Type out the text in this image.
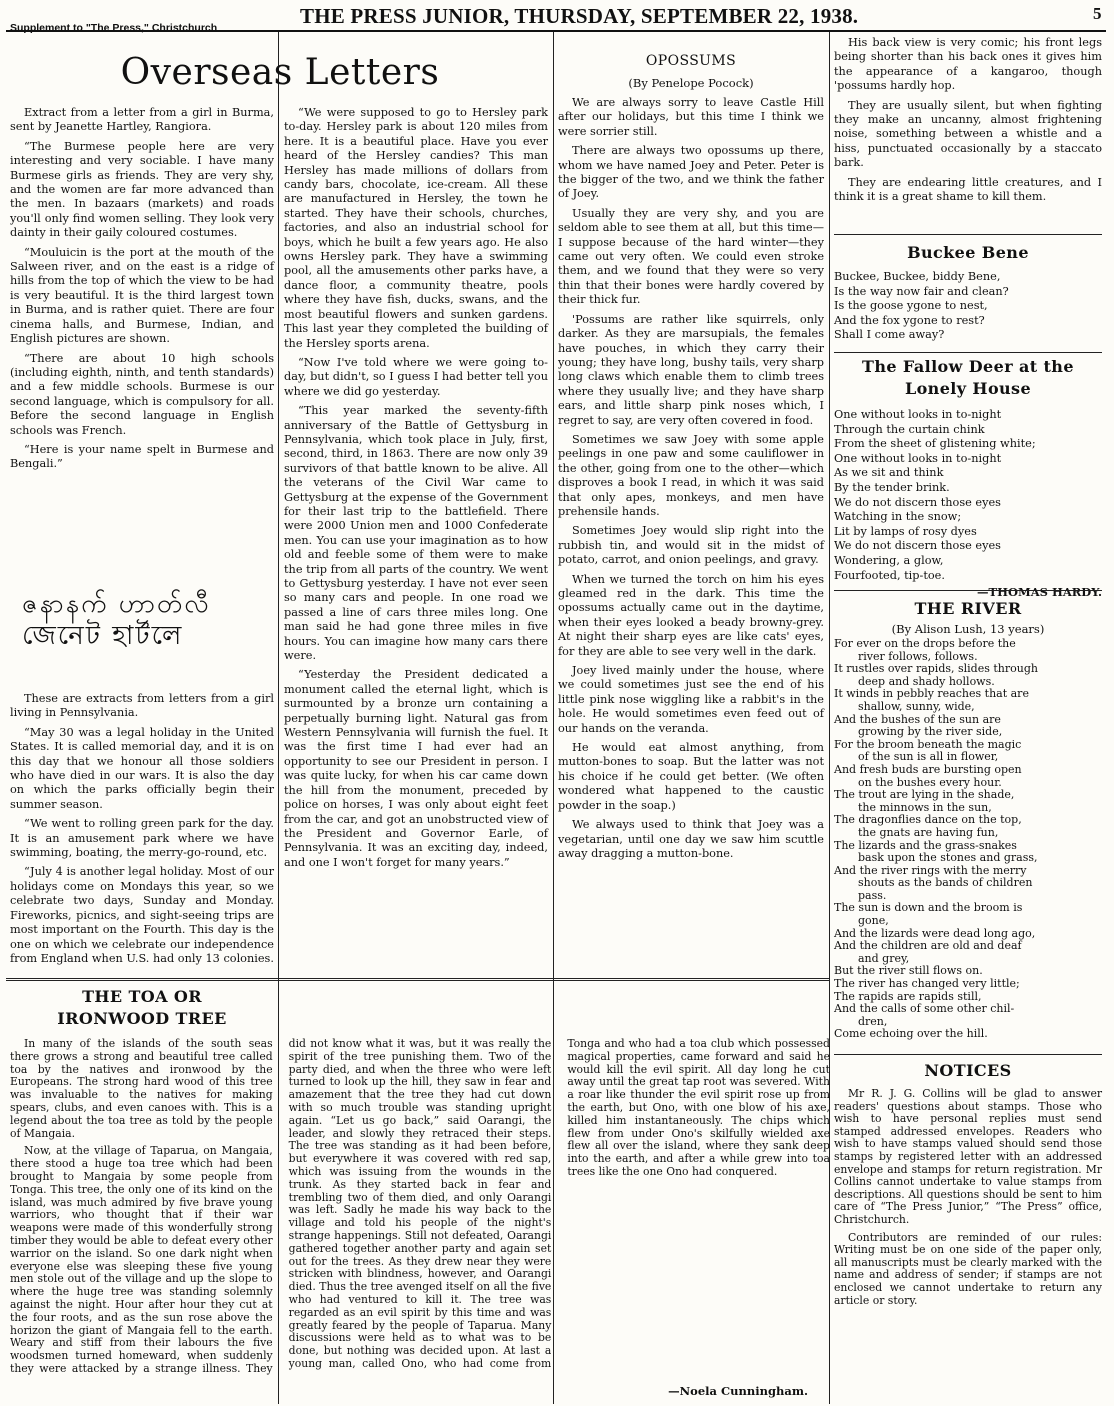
Supplement to "The Press," Christchurch	THE PRESS JUNIOR, THURSDAY, SEPTEMBER 22, 1938.	5
Overseas Letters

Extract from a letter from a girl in Burma, sent by Jeanette Hartley, Rangiora.

“The Burmese people here are very interesting and very sociable. I have many Burmese girls as friends. They are very shy, and the women are far more advanced than the men. In bazaars (markets) and roads you'll only find women selling. They look very dainty in their gaily coloured costumes.

“Mouluicin is the port at the mouth of the Salween river, and on the east is a ridge of hills from the top of which the view to be had is very beautiful. It is the third largest town in Burma, and is rather quiet. There are four cinema halls, and Burmese, Indian, and English pictures are shown.

“There are about 10 high schools (including eighth, ninth, and tenth standards) and a few middle schools. Burmese is our second language, which is compulsory for all. Before the second language in English schools was French.

“Here is your name spelt in Burmese and Bengali.”

ဇနာနက် ဟာတ်လီ
জেনেট হার্টলে

These are extracts from letters from a girl living in Pennsylvania.

“May 30 was a legal holiday in the United States. It is called memorial day, and it is on this day that we honour all those soldiers who have died in our wars. It is also the day on which the parks officially begin their summer season.

“We went to rolling green park for the day. It is an amusement park where we have swimming, boating, the merry-go-round, etc.

“July 4 is another legal holiday. Most of our holidays come on Mondays this year, so we celebrate two days, Sunday and Monday. Fireworks, picnics, and sight-seeing trips are most important on the Fourth. This day is the one on which we celebrate our independence from England when U.S. had only 13 colonies.

“We were supposed to go to Hersley park to-day. Hersley park is about 120 miles from here. It is a beautiful place. Have you ever heard of the Hersley candies? This man Hersley has made millions of dollars from candy bars, chocolate, ice-cream. All these are manufactured in Hersley, the town he started. They have their schools, churches, factories, and also an industrial school for boys, which he built a few years ago. He also owns Hersley park. They have a swimming pool, all the amusements other parks have, a dance floor, a community theatre, pools where they have fish, ducks, swans, and the most beautiful flowers and sunken gardens. This last year they completed the building of the Hersley sports arena.

“Now I've told where we were going to-day, but didn't, so I guess I had better tell you where we did go yesterday.

“This year marked the seventy-fifth anniversary of the Battle of Gettysburg in Pennsylvania, which took place in July, first, second, third, in 1863. There are now only 39 survivors of that battle known to be alive. All the veterans of the Civil War came to Gettysburg at the expense of the Government for their last trip to the battlefield. There were 2000 Union men and 1000 Confederate men. You can use your imagination as to how old and feeble some of them were to make the trip from all parts of the country. We went to Gettysburg yesterday. I have not ever seen so many cars and people. In one road we passed a line of cars three miles long. One man said he had gone three miles in five hours. You can imagine how many cars there were.

“Yesterday the President dedicated a monument called the eternal light, which is surmounted by a bronze urn containing a perpetually burning light. Natural gas from Western Pennsylvania will furnish the fuel. It was the first time I had ever had an opportunity to see our President in person. I was quite lucky, for when his car came down the hill from the monument, preceded by police on horses, I was only about eight feet from the car, and got an unobstructed view of the President and Governor Earle, of Pennsylvania. It was an exciting day, indeed, and one I won't forget for many years.”

OPOSSUMS
(By Penelope Pocock)

We are always sorry to leave Castle Hill after our holidays, but this time I think we were sorrier still.

There are always two opossums up there, whom we have named Joey and Peter. Peter is the bigger of the two, and we think the father of Joey.

Usually they are very shy, and you are seldom able to see them at all, but this time—I suppose because of the hard winter—they came out very often. We could even stroke them, and we found that they were so very thin that their bones were hardly covered by their thick fur.

'Possums are rather like squirrels, only darker. As they are marsupials, the females have pouches, in which they carry their young; they have long, bushy tails, very sharp long claws which enable them to climb trees where they usually live; and they have sharp ears, and little sharp pink noses which, I regret to say, are very often covered in food.

Sometimes we saw Joey with some apple peelings in one paw and some cauliflower in the other, going from one to the other—which disproves a book I read, in which it was said that only apes, monkeys, and men have prehensile hands.

Sometimes Joey would slip right into the rubbish tin, and would sit in the midst of potato, carrot, and onion peelings, and gravy.

When we turned the torch on him his eyes gleamed red in the dark. This time the opossums actually came out in the daytime, when their eyes looked a beady browny-grey. At night their sharp eyes are like cats' eyes, for they are able to see very well in the dark.

Joey lived mainly under the house, where we could sometimes just see the end of his little pink nose wiggling like a rabbit's in the hole. He would sometimes even feed out of our hands on the veranda.

He would eat almost anything, from mutton-bones to soap. But the latter was not his choice if he could get better. (We often wondered what happened to the caustic powder in the soap.)

We always used to think that Joey was a vegetarian, until one day we saw him scuttle away dragging a mutton-bone.

His back view is very comic; his front legs being shorter than his back ones it gives him the appearance of a kangaroo, though 'possums hardly hop.

They are usually silent, but when fighting they make an uncanny, almost frightening noise, something between a whistle and a hiss, punctuated occasionally by a staccato bark.

They are endearing little creatures, and I think it is a great shame to kill them.

Buckee Bene
Buckee, Buckee, biddy Bene,
Is the way now fair and clean?
Is the goose ygone to nest,
And the fox ygone to rest?
Shall I come away?
The Fallow Deer at the
Lonely House
One without looks in to-night
Through the curtain chink
From the sheet of glistening white;
One without looks in to-night
As we sit and think
By the tender brink.
We do not discern those eyes
Watching in the snow;
Lit by lamps of rosy dyes
We do not discern those eyes
Wondering, a glow,
Fourfooted, tip-toe.
—THOMAS HARDY.
THE RIVER
(By Alison Lush, 13 years)
For ever on the drops before the
river follows, follows.
It rustles over rapids, slides through
deep and shady hollows.
It winds in pebbly reaches that are
shallow, sunny, wide,
And the bushes of the sun are
growing by the river side,
For the broom beneath the magic
of the sun is all in flower,
And fresh buds are bursting open
on the bushes every hour.
The trout are lying in the shade,
the minnows in the sun,
The dragonflies dance on the top,
the gnats are having fun,
The lizards and the grass-snakes
bask upon the stones and grass,
And the river rings with the merry
shouts as the bands of children
pass.
The sun is down and the broom is
gone,
And the lizards were dead long ago,
And the children are old and deaf
and grey,
But the river still flows on.
The river has changed very little;
The rapids are rapids still,
And the calls of some other chil-
dren,
Come echoing over the hill.
NOTICES

Mr R. J. G. Collins will be glad to answer readers' questions about stamps. Those who wish to have personal replies must send stamped addressed envelopes. Readers who wish to have stamps valued should send those stamps by registered letter with an addressed envelope and stamps for return registration. Mr Collins cannot undertake to value stamps from descriptions. All questions should be sent to him care of “The Press Junior,” “The Press” office, Christchurch.

Contributors are reminded of our rules: Writing must be on one side of the paper only, all manuscripts must be clearly marked with the name and address of sender; if stamps are not enclosed we cannot undertake to return any article or story.

THE TOA OR
IRONWOOD TREE

In many of the islands of the south seas there grows a strong and beautiful tree called toa by the natives and ironwood by the Europeans. The strong hard wood of this tree was invaluable to the natives for making spears, clubs, and even canoes with. This is a legend about the toa tree as told by the people of Mangaia.

Now, at the village of Taparua, on Mangaia, there stood a huge toa tree which had been brought to Mangaia by some people from Tonga. This tree, the only one of its kind on the island, was much admired by five brave young warriors, who thought that if their war weapons were made of this wonderfully strong timber they would be able to defeat every other warrior on the island. So one dark night when everyone else was sleeping these five young men stole out of the village and up the slope to where the huge tree was standing solemnly against the night. Hour after hour they cut at the four roots, and as the sun rose above the horizon the giant of Mangaia fell to the earth. Weary and stiff from their labours the five woodsmen turned homeward, when suddenly they were attacked by a strange illness. They did not know what it was, but it was really the spirit of the tree punishing them. Two of the party died, and when the three who were left turned to look up the hill, they saw in fear and amazement that the tree they had cut down with so much trouble was standing upright again. “Let us go back,” said Oarangi, the leader, and slowly they retraced their steps. The tree was standing as it had been before, but everywhere it was covered with red sap, which was issuing from the wounds in the trunk. As they started back in fear and trembling two of them died, and only Oarangi was left. Sadly he made his way back to the village and told his people of the night's strange happenings. Still not defeated, Oarangi gathered together another party and again set out for the trees. As they drew near they were stricken with blindness, however, and Oarangi died. Thus the tree avenged itself on all the five who had ventured to kill it. The tree was regarded as an evil spirit by this time and was greatly feared by the people of Taparua. Many discussions were held as to what was to be done, but nothing was decided upon. At last a young man, called Ono, who had come from Tonga and who had a toa club which possessed magical properties, came forward and said he would kill the evil spirit. All day long he cut away until the great tap root was severed. With a roar like thunder the evil spirit rose up from the earth, but Ono, with one blow of his axe, killed him instantaneously. The chips which flew from under Ono's skilfully wielded axe flew all over the island, where they sank deep into the earth, and after a while grew into toa trees like the one Ono had conquered.

—Noela Cunningham.
